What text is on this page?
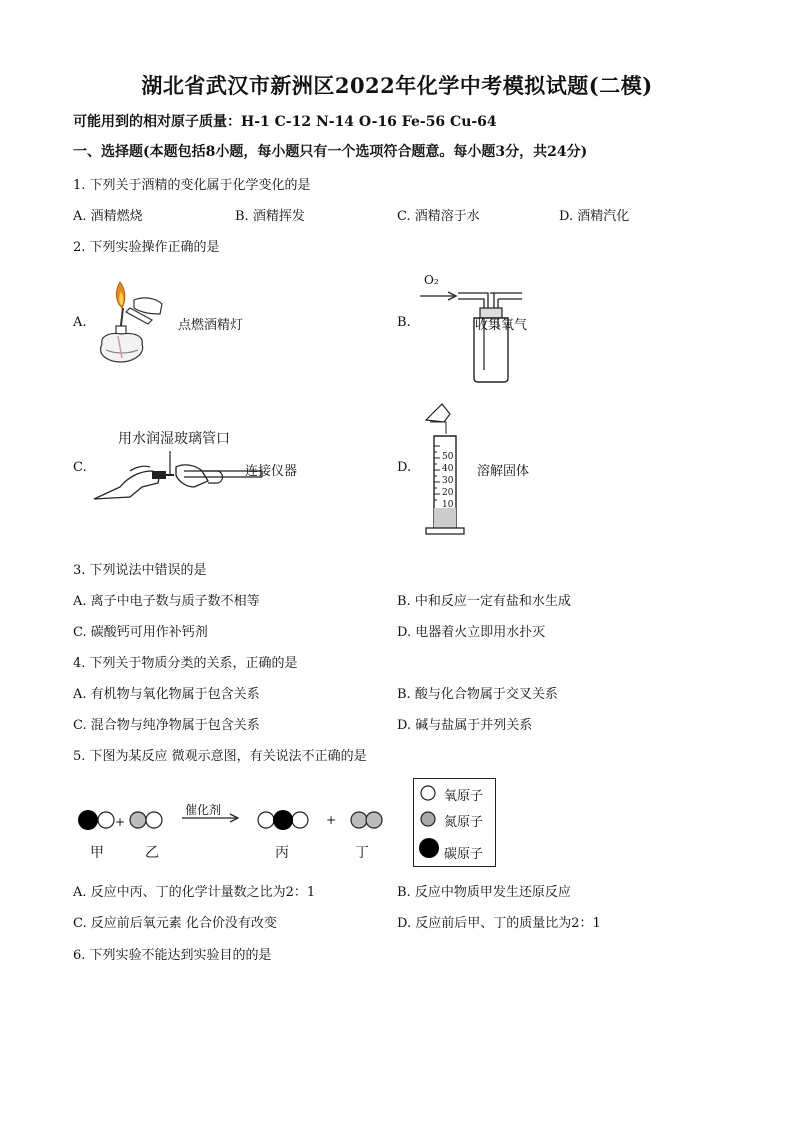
湖北省武汉市新洲区2022年化学中考模拟试题(二模)
可能用到的相对原子质量：H-1 C-12 N-14 O-16 Fe-56 Cu-64
一、选择题(本题包括8小题，每小题只有一个选项符合题意。每小题3分，共24分)
1. 下列关于酒精的变化属于化学变化的是
A. 酒精燃烧	B. 酒精挥发	C. 酒精溶于水	D. 酒精汽化
2. 下列实验操作正确的是
A.	点燃酒精灯	B.
O₂
收集氧气
用水润湿玻璃管口
C.	连接仪器	D.
50
40
30
20
10
溶解固体
3. 下列说法中错误的是
A. 离子中电子数与质子数不相等	B. 中和反应一定有盐和水生成
C. 碳酸钙可用作补钙剂	D. 电器着火立即用水扑灭
4. 下列关于物质分类的关系，正确的是
A. 有机物与氧化物属于包含关系	B. 酸与化合物属于交叉关系
C. 混合物与纯净物属于包含关系	D. 碱与盐属于并列关系
5. 下图为某反应 微观示意图，有关说法不正确的是
+	+
催化剂
甲	乙	丙	丁
氧原子
氮原子
碳原子
A. 反应中丙、丁的化学计量数之比为2：1	B. 反应中物质甲发生还原反应
C. 反应前后氧元素 化合价没有改变	D. 反应前后甲、丁的质量比为2：1
6. 下列实验不能达到实验目的的是
